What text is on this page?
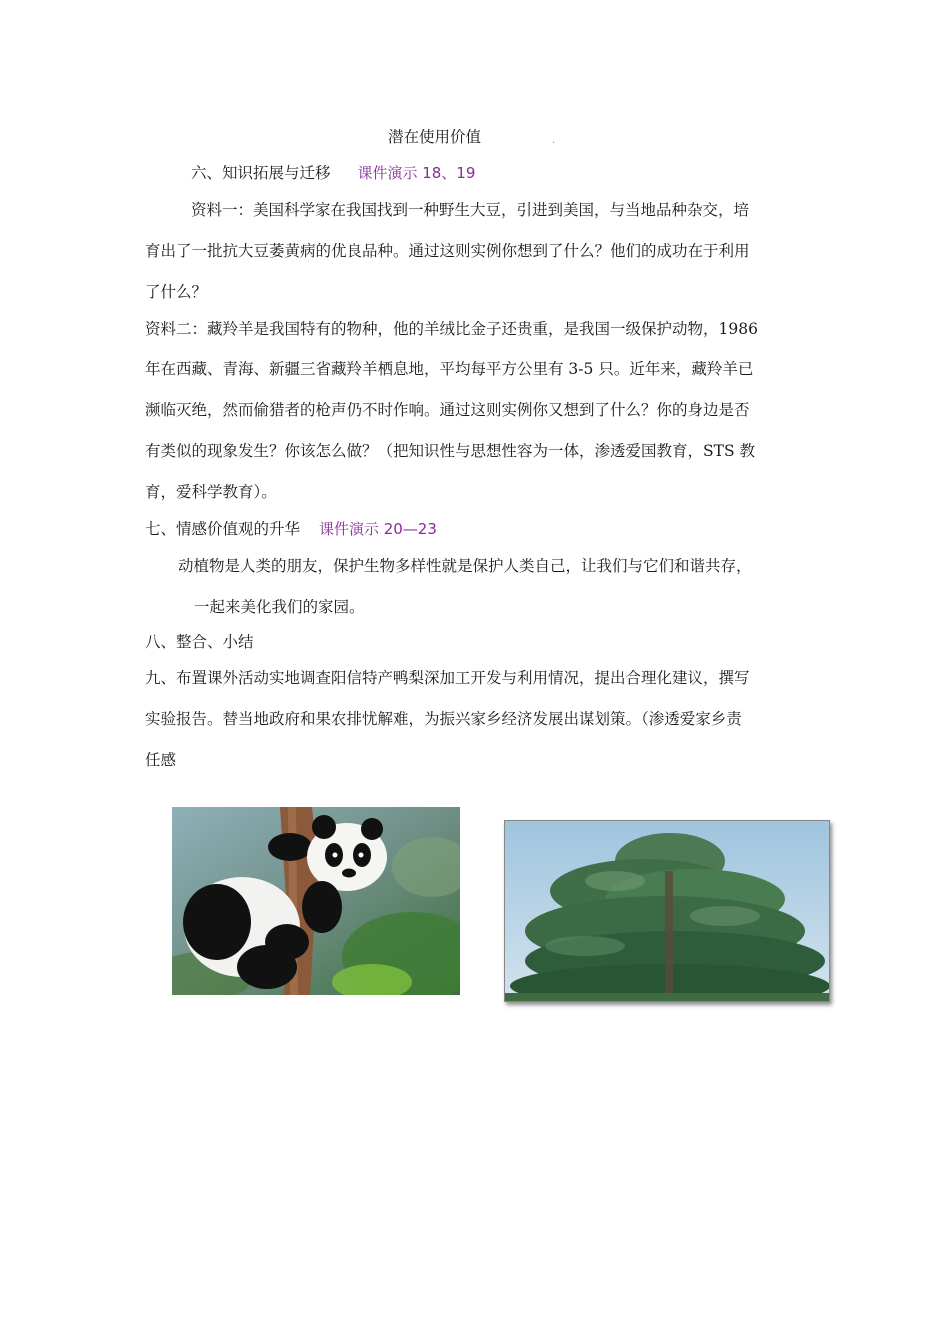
潜在使用价值	.
六、知识拓展与迁移 课件演示 18、19
资料一：美国科学家在我国找到一种野生大豆，引进到美国，与当地品种杂交，培
育出了一批抗大豆萎黄病的优良品种。通过这则实例你想到了什么？他们的成功在于利用
了什么？
资料二：藏羚羊是我国特有的物种，他的羊绒比金子还贵重，是我国一级保护动物，1986
年在西藏、青海、新疆三省藏羚羊栖息地，平均每平方公里有 3-5 只。近年来，藏羚羊已
濒临灭绝，然而偷猎者的枪声仍不时作响。通过这则实例你又想到了什么？你的身边是否
有类似的现象发生？你该怎么做？（把知识性与思想性容为一体，渗透爱国教育，STS 教
育，爱科学教育）。
七、情感价值观的升华 课件演示 20—23
动植物是人类的朋友，保护生物多样性就是保护人类自己，让我们与它们和谐共存，
一起来美化我们的家园。
八、整合、小结
九、布置课外活动实地调查阳信特产鸭梨深加工开发与利用情况，提出合理化建议，撰写
实验报告。替当地政府和果农排忧解难，为振兴家乡经济发展出谋划策。（渗透爱家乡责
任感
